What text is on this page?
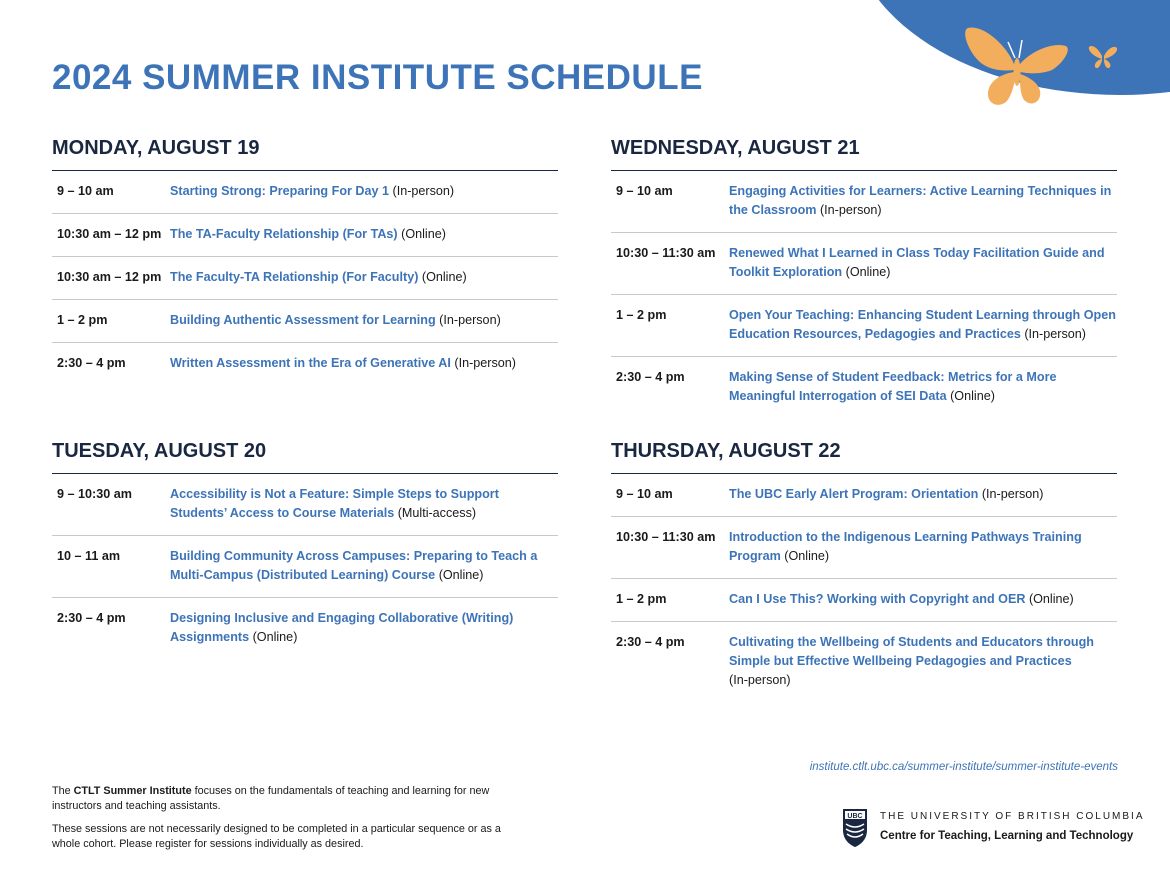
2024 SUMMER INSTITUTE SCHEDULE
MONDAY, AUGUST 19
9 – 10 am	Starting Strong: Preparing For Day 1 (In-person)
10:30 am – 12 pm The TA-Faculty Relationship (For TAs) (Online)
10:30 am – 12 pm The Faculty-TA Relationship (For Faculty) (Online)
1 – 2 pm	Building Authentic Assessment for Learning (In-person)
2:30 – 4 pm	Written Assessment in the Era of Generative AI (In-person)
TUESDAY, AUGUST 20
9 – 10:30 am	Accessibility is Not a Feature: Simple Steps to Support Students’ Access to Course Materials (Multi-access)
10 – 11 am	Building Community Across Campuses: Preparing to Teach a Multi-Campus (Distributed Learning) Course (Online)
2:30 – 4 pm	Designing Inclusive and Engaging Collaborative (Writing) Assignments (Online)
WEDNESDAY, AUGUST 21
9 – 10 am	Engaging Activities for Learners: Active Learning Techniques in the Classroom (In-person)
10:30 – 11:30 am	Renewed What I Learned in Class Today Facilitation Guide and Toolkit Exploration (Online)
1 – 2 pm	Open Your Teaching: Enhancing Student Learning through Open Education Resources, Pedagogies and Practices (In-person)
2:30 – 4 pm	Making Sense of Student Feedback: Metrics for a More Meaningful Interrogation of SEI Data (Online)
THURSDAY, AUGUST 22
9 – 10 am	The UBC Early Alert Program: Orientation (In-person)
10:30 – 11:30 am	Introduction to the Indigenous Learning Pathways Training Program (Online)
1 – 2 pm	Can I Use This? Working with Copyright and OER (Online)
2:30 – 4 pm	Cultivating the Wellbeing of Students and Educators through Simple but Effective Wellbeing Pedagogies and Practices
(In-person)
institute.ctlt.ubc.ca/summer-institute/summer-institute-events

The CTLT Summer Institute focuses on the fundamentals of teaching and learning for new instructors and teaching assistants.

These sessions are not necessarily designed to be completed in a particular sequence or as a whole cohort. Please register for sessions individually as desired.

UBC THE UNIVERSITY OF BRITISH COLUMBIA
Centre for Teaching, Learning and Technology
